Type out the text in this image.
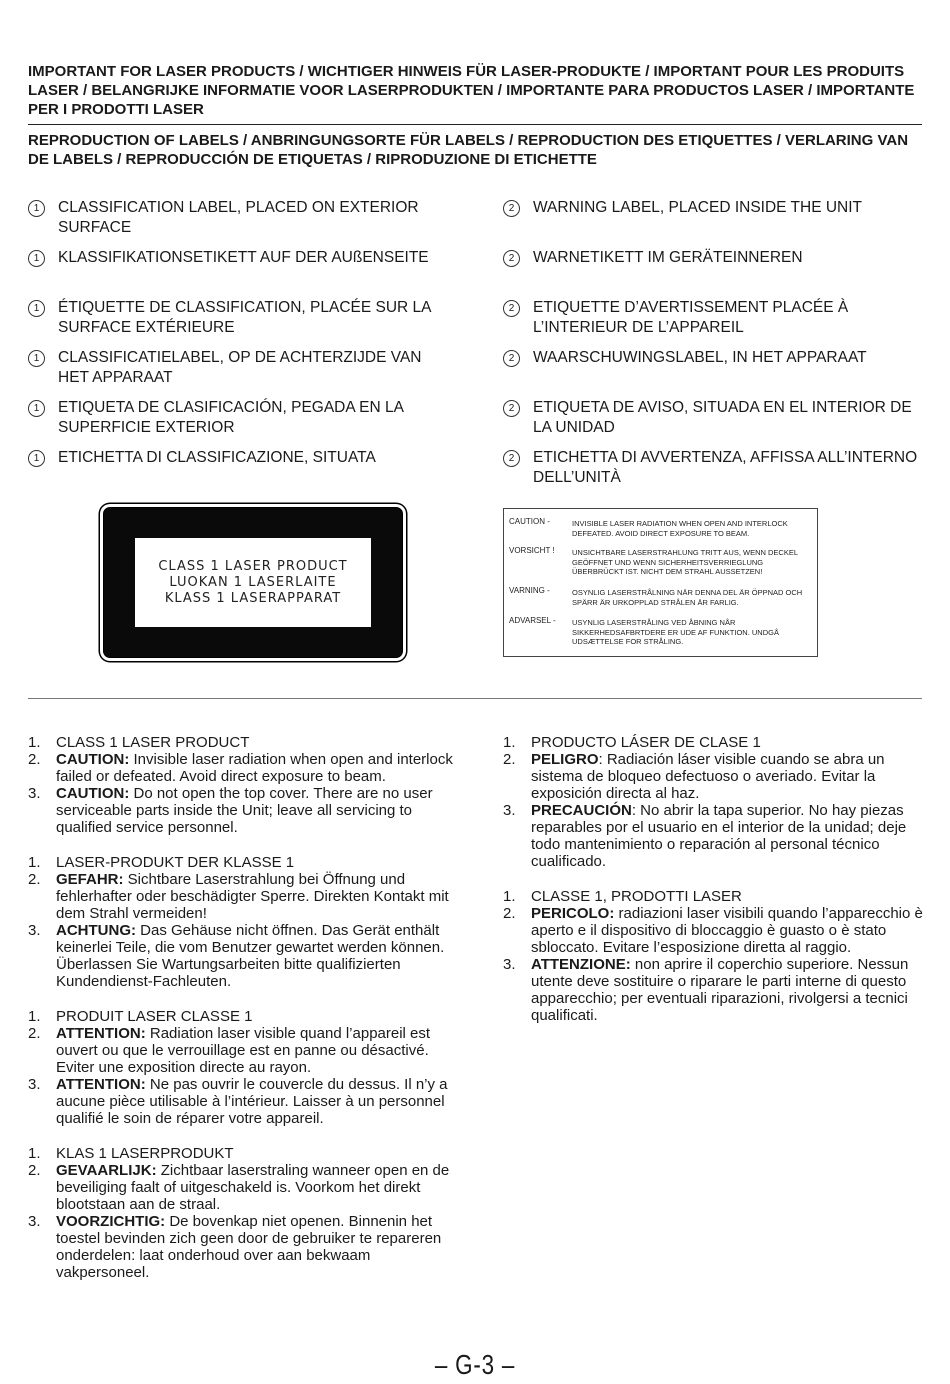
IMPORTANT FOR LASER PRODUCTS / WICHTIGER HINWEIS FÜR LASER-PRODUKTE / IMPORTANT POUR LES PRODUITS LASER / BELANGRIJKE INFORMATIE VOOR LASERPRODUKTEN / IMPORTANTE PARA PRODUCTOS LASER / IMPORTANTE PER I PRODOTTI LASER
REPRODUCTION OF LABELS / ANBRINGUNGSORTE FÜR LABELS / REPRODUCTION DES ETIQUETTES / VERLARING VAN DE LABELS / REPRODUCCIÓN DE ETIQUETAS / RIPRODUZIONE DI ETICHETTE
1	CLASSIFICATION LABEL, PLACED ON EXTERIOR SURFACE
1	KLASSIFIKATIONSETIKETT AUF DER AUßENSEITE
1	ÉTIQUETTE DE CLASSIFICATION, PLACÉE SUR LA SURFACE EXTÉRIEURE
1	CLASSIFICATIELABEL, OP DE ACHTERZIJDE VAN HET APPARAAT
1	ETIQUETA DE CLASIFICACIÓN, PEGADA EN LA SUPERFICIE EXTERIOR
1	ETICHETTA DI CLASSIFICAZIONE, SITUATA
2	WARNING LABEL, PLACED INSIDE THE UNIT
2	WARNETIKETT IM GERÄTEINNEREN
2	ETIQUETTE D’AVERTISSEMENT PLACÉE À L’INTERIEUR DE L’APPAREIL
2	WAARSCHUWINGSLABEL, IN HET APPARAAT
2	ETIQUETA DE AVISO, SITUADA EN EL INTERIOR DE LA UNIDAD
2	ETICHETTA DI AVVERTENZA, AFFISSA ALL’INTERNO DELL’UNITÀ
CLASS 1 LASER PRODUCT
LUOKAN 1 LASERLAITE
KLASS 1 LASERAPPARAT
CAUTION -	INVISIBLE LASER RADIATION WHEN OPEN AND INTERLOCK DEFEATED. AVOID DIRECT EXPOSURE TO BEAM.
VORSICHT !	UNSICHTBARE LASERSTRAHLUNG TRITT AUS, WENN DECKEL GEÖFFNET UND WENN SICHERHEITSVERRIEGLUNG ÜBERBRÜCKT IST. NICHT DEM STRAHL AUSSETZEN!
VARNING -	OSYNLIG LASERSTRÅLNING NÄR DENNA DEL ÄR ÖPPNAD OCH SPÄRR ÄR URKOPPLAD STRÅLEN ÄR FARLIG.
ADVARSEL -	USYNLIG LASERSTRÅLING VED ÅBNING NÅR SIKKERHEDSAFBRTDERE ER UDE AF FUNKTION. UNDGÅ UDSÆTTELSE FOR STRÅLING.
1. CLASS 1 LASER PRODUCT
2. CAUTION: Invisible laser radiation when open and interlock failed or defeated. Avoid direct exposure to beam.
3. CAUTION: Do not open the top cover. There are no user serviceable parts inside the Unit; leave all servicing to qualified service personnel.
1. LASER-PRODUKT DER KLASSE 1
2. GEFAHR: Sichtbare Laserstrahlung bei Öffnung und fehlerhafter oder beschädigter Sperre. Direkten Kontakt mit dem Strahl vermeiden!
3. ACHTUNG: Das Gehäuse nicht öffnen. Das Gerät enthält keinerlei Teile, die vom Benutzer gewartet werden können. Überlassen Sie Wartungsarbeiten bitte qualifizierten Kundendienst-Fachleuten.
1. PRODUIT LASER CLASSE 1
2. ATTENTION: Radiation laser visible quand l’appareil est ouvert ou que le verrouillage est en panne ou désactivé. Eviter une exposition directe au rayon.
3. ATTENTION: Ne pas ouvrir le couvercle du dessus. Il n’y a aucune pièce utilisable à l’intérieur. Laisser à un personnel qualifié le soin de réparer votre appareil.
1. KLAS 1 LASERPRODUKT
2. GEVAARLIJK: Zichtbaar laserstraling wanneer open en de beveiliging faalt of uitgeschakeld is. Voorkom het direkt blootstaan aan de straal.
3. VOORZICHTIG: De bovenkap niet openen. Binnenin het toestel bevinden zich geen door de gebruiker te repareren onderdelen: laat onderhoud over aan bekwaam vakpersoneel.
1. PRODUCTO LÁSER DE CLASE 1
2. PELIGRO: Radiación láser visible cuando se abra un sistema de bloqueo defectuoso o averiado. Evitar la exposición directa al haz.
3. PRECAUCIÓN: No abrir la tapa superior. No hay piezas reparables por el usuario en el interior de la unidad; deje todo mantenimiento o reparación al personal técnico cualificado.
1. CLASSE 1, PRODOTTI LASER
2. PERICOLO: radiazioni laser visibili quando l’apparecchio è aperto e il dispositivo di bloccaggio è guasto o è stato sbloccato. Evitare l’esposizione diretta al raggio.
3. ATTENZIONE: non aprire il coperchio superiore. Nessun utente deve sostituire o riparare le parti interne di questo apparecchio; per eventuali riparazioni, rivolgersi a tecnici qualificati.
– G-3 –
